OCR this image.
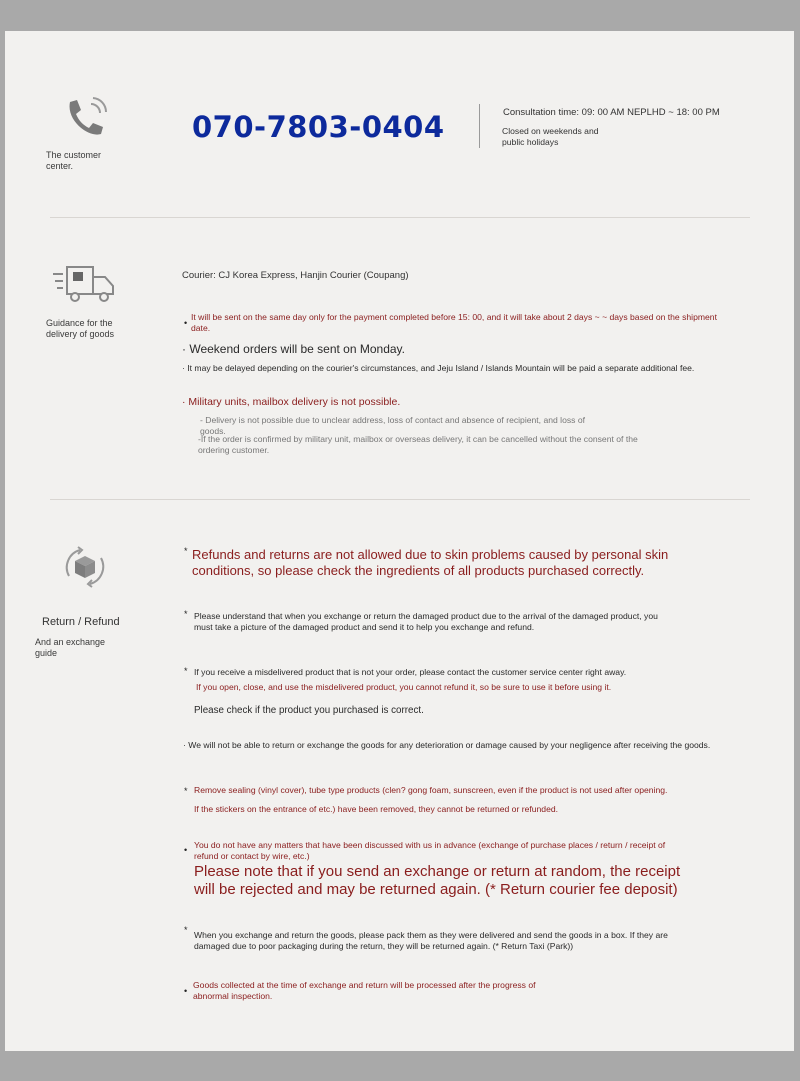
The customer center.
070-7803-0404	Consultation time: 09: 00 AM NEPLHD ~ 18: 00 PM
Closed on weekends and public holidays
Guidance for the delivery of goods
Courier: CJ Korea Express, Hanjin Courier (Coupang)
•
It will be sent on the same day only for the payment completed before 15: 00, and it will take about 2 days ~ ~ days based on the shipment date.
· Weekend orders will be sent on Monday.
· It may be delayed depending on the courier's circumstances, and Jeju Island / Islands Mountain will be paid a separate additional fee.
· Military units, mailbox delivery is not possible.
- Delivery is not possible due to unclear address, loss of contact and absence of recipient, and loss of goods.
-If the order is confirmed by military unit, mailbox or overseas delivery, it can be cancelled without the consent of the ordering customer.
Return / Refund
And an exchange guide
* Refunds and returns are not allowed due to skin problems caused by personal skin conditions, so please check the ingredients of all products purchased correctly.
* Please understand that when you exchange or return the damaged product due to the arrival of the damaged product, you must take a picture of the damaged product and send it to help you exchange and refund.
* If you receive a misdelivered product that is not your order, please contact the customer service center right away.
If you open, close, and use the misdelivered product, you cannot refund it, so be sure to use it before using it.
Please check if the product you purchased is correct.
· We will not be able to return or exchange the goods for any deterioration or damage caused by your negligence after receiving the goods.
* Remove sealing (vinyl cover), tube type products (clen? gong foam, sunscreen, even if the product is not used after opening.
If the stickers on the entrance of etc.) have been removed, they cannot be returned or refunded.
• You do not have any matters that have been discussed with us in advance (exchange of purchase places / return / receipt of refund or contact by wire, etc.)
Please note that if you send an exchange or return at random, the receipt will be rejected and may be returned again. (* Return courier fee deposit)
* When you exchange and return the goods, please pack them as they were delivered and send the goods in a box. If they are damaged due to poor packaging during the return, they will be returned again. (* Return Taxi (Park))
•
Goods collected at the time of exchange and return will be processed after the progress of abnormal inspection.
